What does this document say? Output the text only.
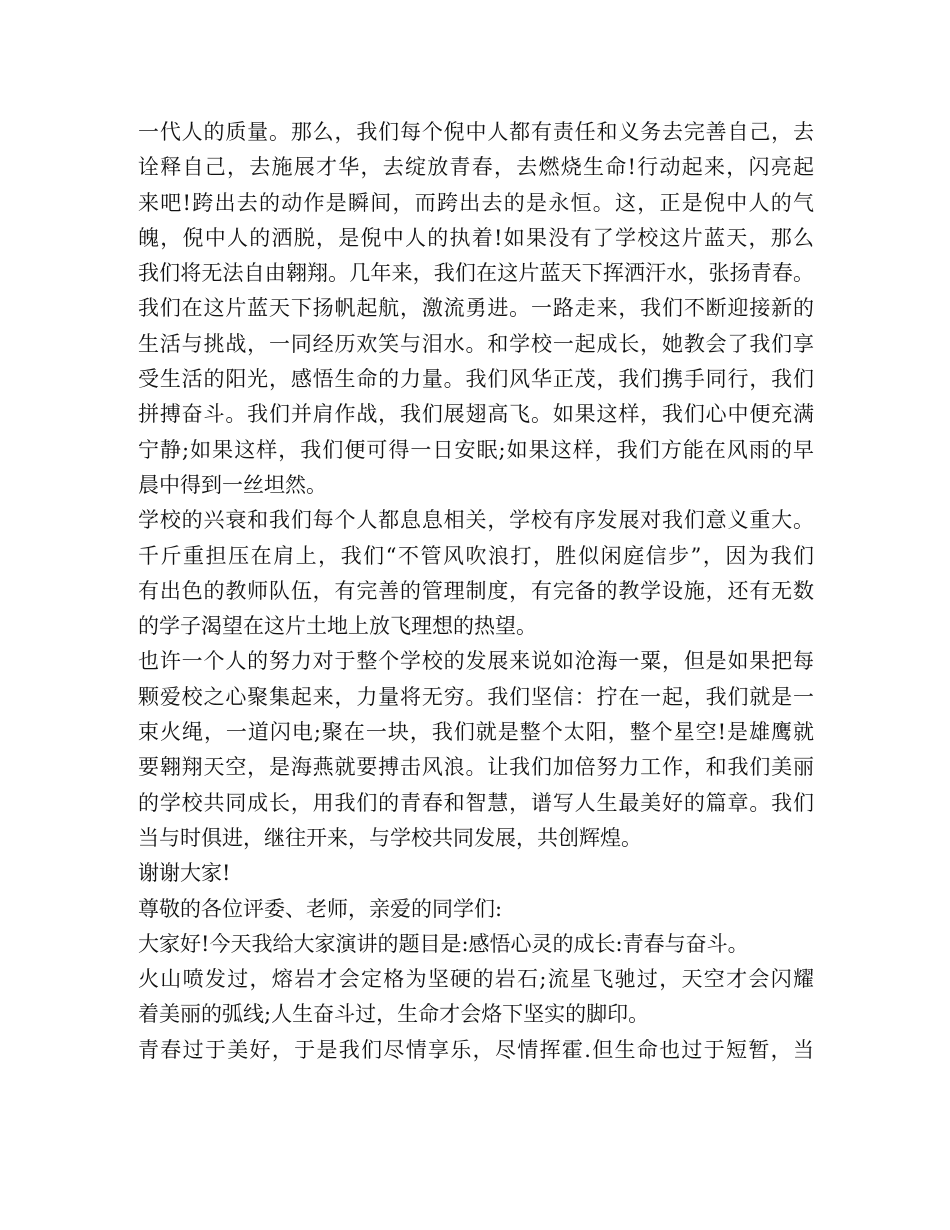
一代人的质量。那么，我们每个倪中人都有责任和义务去完善自己，去
诠释自己，去施展才华，去绽放青春，去燃烧生命!行动起来，闪亮起
来吧!跨出去的动作是瞬间，而跨出去的是永恒。这，正是倪中人的气
魄，倪中人的洒脱，是倪中人的执着!如果没有了学校这片蓝天，那么
我们将无法自由翱翔。几年来，我们在这片蓝天下挥洒汗水，张扬青春。
我们在这片蓝天下扬帆起航，激流勇进。一路走来，我们不断迎接新的
生活与挑战，一同经历欢笑与泪水。和学校一起成长，她教会了我们享
受生活的阳光，感悟生命的力量。我们风华正茂，我们携手同行，我们
拼搏奋斗。我们并肩作战，我们展翅高飞。如果这样，我们心中便充满
宁静;如果这样，我们便可得一日安眠;如果这样，我们方能在风雨的早
晨中得到一丝坦然。
学校的兴衰和我们每个人都息息相关，学校有序发展对我们意义重大。
千斤重担压在肩上，我们“不管风吹浪打，胜似闲庭信步”，因为我们
有出色的教师队伍，有完善的管理制度，有完备的教学设施，还有无数
的学子渴望在这片土地上放飞理想的热望。
也许一个人的努力对于整个学校的发展来说如沧海一粟，但是如果把每
颗爱校之心聚集起来，力量将无穷。我们坚信：拧在一起，我们就是一
束火绳，一道闪电;聚在一块，我们就是整个太阳，整个星空!是雄鹰就
要翱翔天空，是海燕就要搏击风浪。让我们加倍努力工作，和我们美丽
的学校共同成长，用我们的青春和智慧，谱写人生最美好的篇章。我们
当与时俱进，继往开来，与学校共同发展，共创辉煌。
谢谢大家!
尊敬的各位评委、老师，亲爱的同学们:
大家好!今天我给大家演讲的题目是:感悟心灵的成长:青春与奋斗。
火山喷发过，熔岩才会定格为坚硬的岩石;流星飞驰过，天空才会闪耀
着美丽的弧线;人生奋斗过，生命才会烙下坚实的脚印。
青春过于美好，于是我们尽情享乐，尽情挥霍.但生命也过于短暂，当
